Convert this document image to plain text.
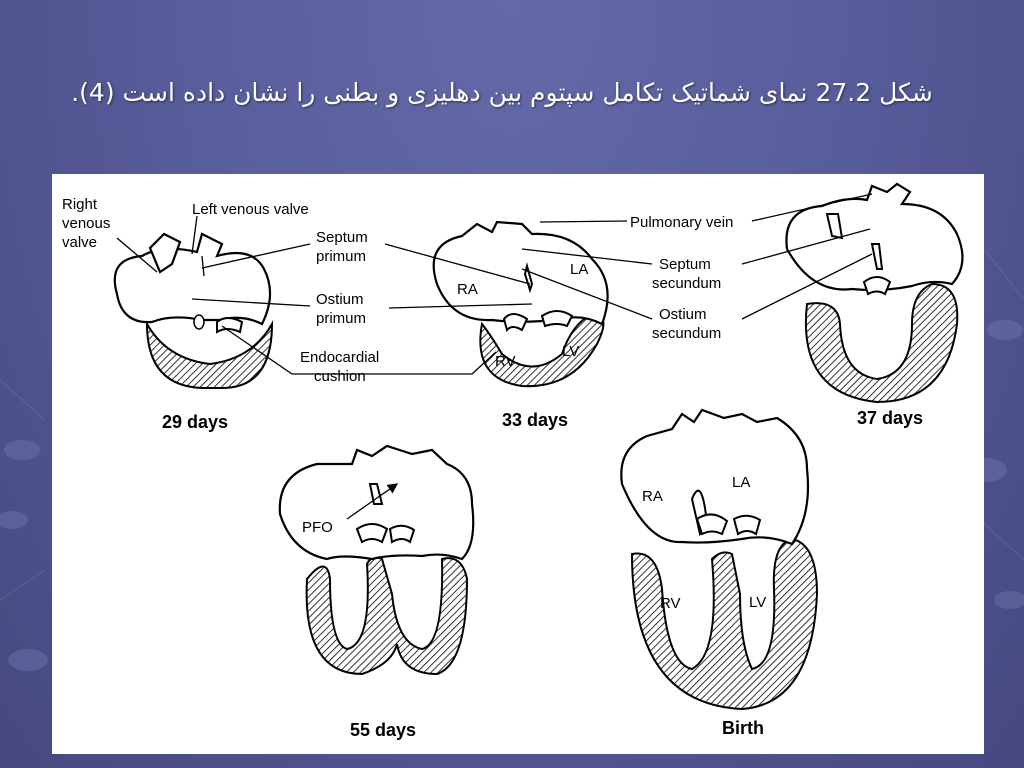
شکل 27.2 نمای شماتیک تکامل سپتوم بین دهلیزی و بطنی را نشان داده است (4).
RA
LA
RV
LV
PFO
RA
LA
RV	LV
Right
venous
valve
Left venous valve
Septum
primum
Ostium
primum
Endocardial
cushion
Pulmonary vein
Septum
secundum
Ostium
secundum
29 days	33 days	37 days
55 days	Birth
